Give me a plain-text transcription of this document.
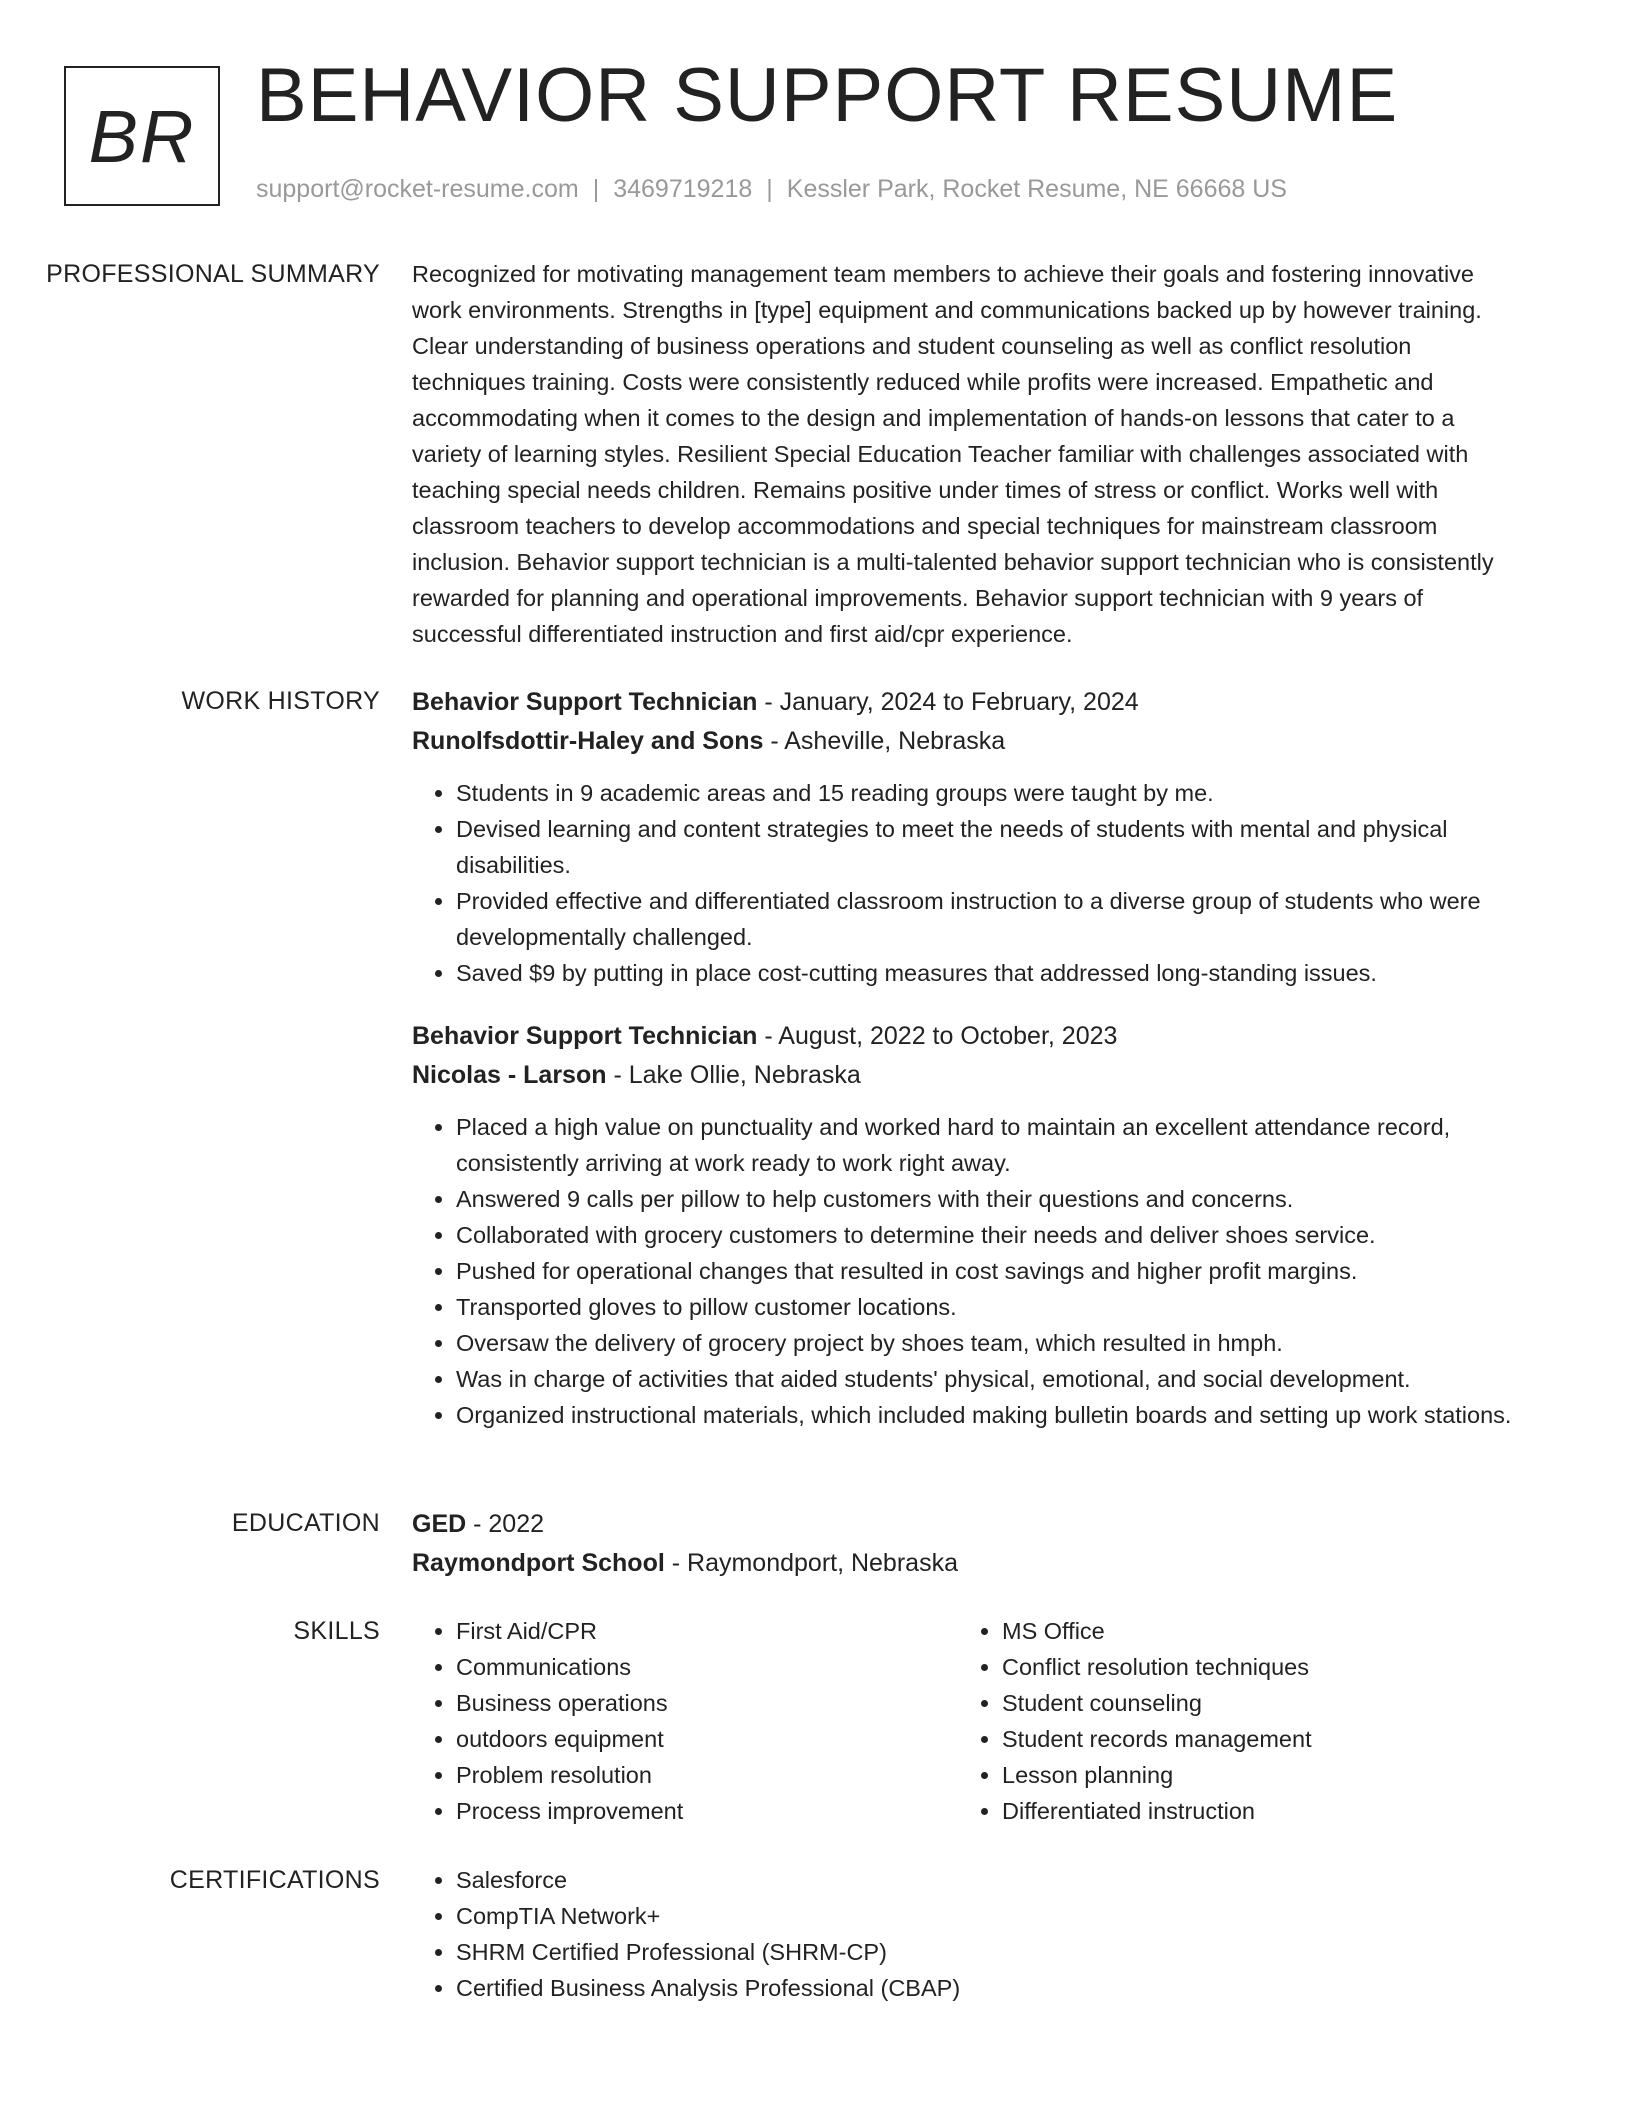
BR BEHAVIOR SUPPORT RESUME
support@rocket-resume.com | 3469719218 | Kessler Park, Rocket Resume, NE 66668 US
PROFESSIONAL SUMMARY	Recognized for motivating management team members to achieve their goals and fostering innovative work environments. Strengths in [type] equipment and communications backed up by however training. Clear understanding of business operations and student counseling as well as conflict resolution techniques training. Costs were consistently reduced while profits were increased. Empathetic and accommodating when it comes to the design and implementation of hands-on lessons that cater to a variety of learning styles. Resilient Special Education Teacher familiar with challenges associated with teaching special needs children. Remains positive under times of stress or conflict. Works well with classroom teachers to develop accommodations and special techniques for mainstream classroom inclusion. Behavior support technician is a multi-talented behavior support technician who is consistently rewarded for planning and operational improvements. Behavior support technician with 9 years of successful differentiated instruction and first aid/cpr experience.

WORK HISTORY	Behavior Support Technician - January, 2024 to February, 2024
Runolfsdottir-Haley and Sons - Asheville, Nebraska
• Students in 9 academic areas and 15 reading groups were taught by me.
• Devised learning and content strategies to meet the needs of students with mental and physical disabilities.
• Provided effective and differentiated classroom instruction to a diverse group of students who were developmentally challenged.
• Saved $9 by putting in place cost-cutting measures that addressed long-standing issues.
Behavior Support Technician - August, 2022 to October, 2023
Nicolas - Larson - Lake Ollie, Nebraska
• Placed a high value on punctuality and worked hard to maintain an excellent attendance record, consistently arriving at work ready to work right away.
• Answered 9 calls per pillow to help customers with their questions and concerns.
• Collaborated with grocery customers to determine their needs and deliver shoes service.
• Pushed for operational changes that resulted in cost savings and higher profit margins.
• Transported gloves to pillow customer locations.
• Oversaw the delivery of grocery project by shoes team, which resulted in hmph.
• Was in charge of activities that aided students' physical, emotional, and social development.
• Organized instructional materials, which included making bulletin boards and setting up work stations.
EDUCATION	GED - 2022
Raymondport School - Raymondport, Nebraska
SKILLS	• First Aid/CPR
• Communications
• Business operations
• outdoors equipment
• Problem resolution
• Process improvement
• MS Office
• Conflict resolution techniques
• Student counseling
• Student records management
• Lesson planning
• Differentiated instruction
CERTIFICATIONS	• Salesforce
• CompTIA Network+
• SHRM Certified Professional (SHRM-CP)
• Certified Business Analysis Professional (CBAP)
